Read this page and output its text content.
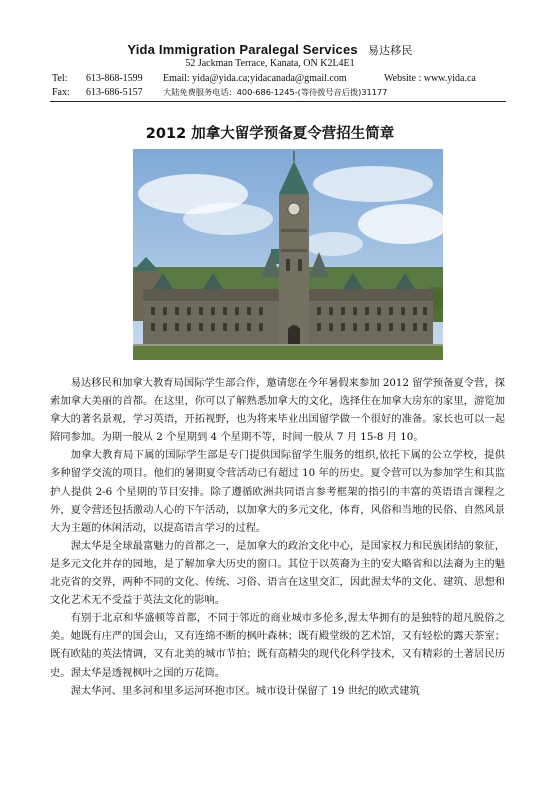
Yida Immigration Paralegal Services 易达移民
52 Jackman Terrace, Kanata, ON K2L4E1
Tel: 613-868-1599 Email: yida@yida.ca;yidacanada@gmail.com	Website : www.yida.ca
Fax: 613-686-5157 大陆免费服务电话：400-686-1245-(等待拨号音后拨)31177
2012 加拿大留学预备夏令营招生简章

易达移民和加拿大教育局国际学生部合作，邀请您在今年暑假来参加 2012 留学预备夏令营，探索加拿大美丽的首都。在这里，你可以了解熟悉加拿大的文化，选择住在加拿大房东的家里，游览加拿大的著名景观，学习英语，开拓视野，也为将来毕业出国留学做一个很好的准备。家长也可以一起陪同参加。为期一般从 2 个星期到 4 个星期不等，时间一般从 7 月 15-8 月 10。

加拿大教育局下属的国际学生部是专门提供国际留学生服务的组织,依托下属的公立学校，提供多种留学交流的项目。他们的暑期夏令营活动已有超过 10 年的历史。夏令营可以为参加学生和其监护人提供 2-6 个星期的节目安排。除了遵循欧洲共同语言参考框架的指引的丰富的英语语言课程之外，夏令营还包括激动人心的下午活动，以加拿大的多元文化，体育，风俗和当地的民俗、自然风景大为主题的休闲活动，以提高语言学习的过程。

渥太华是全球最富魅力的首都之一，是加拿大的政治文化中心，是国家权力和民族团结的象征，是多元文化并存的园地，是了解加拿大历史的窗口。其位于以英裔为主的安大略省和以法裔为主的魁北克省的交界，两种不同的文化、传统、习俗、语言在这里交汇，因此渥太华的文化、建筑、思想和文化艺术无不受益于英法文化的影响。

有别于北京和华盛顿等首都，不同于邻近的商业城市多伦多,渥太华拥有的是独特的超凡脱俗之美。她既有庄严的国会山，又有连绵不断的枫叶森林；既有殿堂级的艺术馆，又有轻松的露天茶室；既有欧陆的英法情调，又有北美的城市节拍；既有高精尖的现代化科学技术，又有精彩的土著居民历史。渥太华是透视枫叶之国的万花筒。

渥太华河、里多河和里多运河环抱市区。城市设计保留了 19 世纪的欧式建筑
